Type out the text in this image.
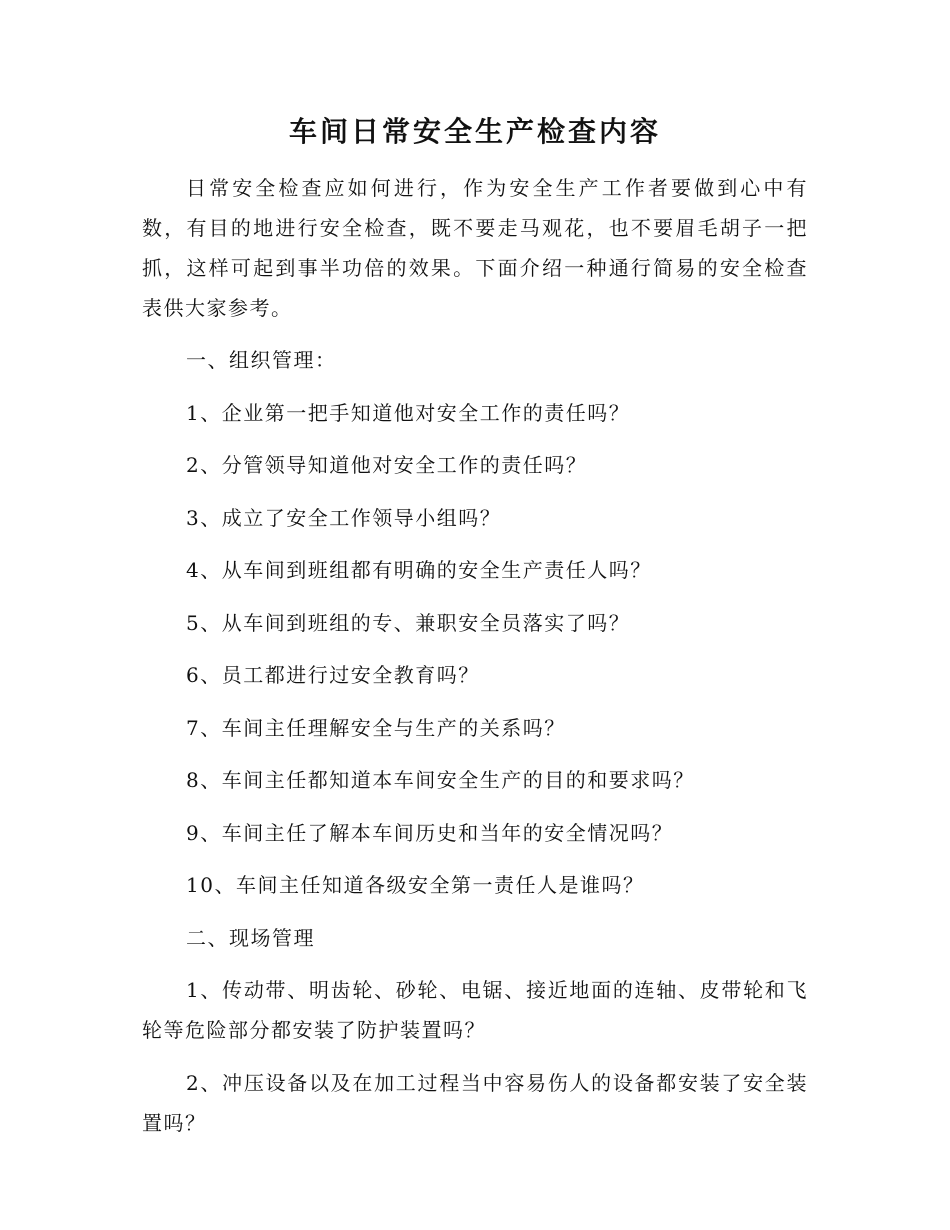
车间日常安全生产检查内容

日常安全检查应如何进行，作为安全生产工作者要做到心中有数，有目的地进行安全检查，既不要走马观花，也不要眉毛胡子一把抓，这样可起到事半功倍的效果。下面介绍一种通行简易的安全检查表供大家参考。

一、组织管理：

1、企业第一把手知道他对安全工作的责任吗？

2、分管领导知道他对安全工作的责任吗？

3、成立了安全工作领导小组吗？

4、从车间到班组都有明确的安全生产责任人吗？

5、从车间到班组的专、兼职安全员落实了吗？

6、员工都进行过安全教育吗？

7、车间主任理解安全与生产的关系吗？

8、车间主任都知道本车间安全生产的目的和要求吗？

9、车间主任了解本车间历史和当年的安全情况吗？

10、车间主任知道各级安全第一责任人是谁吗？

二、现场管理

1、传动带、明齿轮、砂轮、电锯、接近地面的连轴、皮带轮和飞轮等危险部分都安装了防护装置吗？

2、冲压设备以及在加工过程当中容易伤人的设备都安装了安全装置吗？
